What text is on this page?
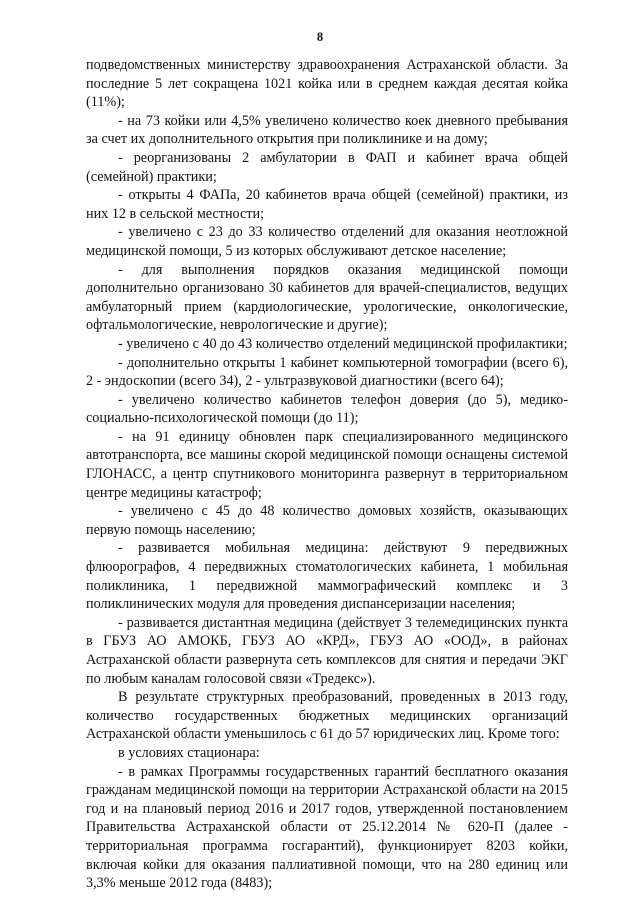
8

подведомственных министерству здравоохранения Астраханской области. За последние 5 лет сокращена 1021 койка или в среднем каждая десятая койка (11%);

- на 73 койки или 4,5% увеличено количество коек дневного пребывания за счет их дополнительного открытия при поликлинике и на дому;

- реорганизованы 2 амбулатории в ФАП и кабинет врача общей (семейной) практики;

- открыты 4 ФАПа, 20 кабинетов врача общей (семейной) практики, из них 12 в сельской местности;

- увеличено с 23 до 33 количество отделений для оказания неотложной медицинской помощи, 5 из которых обслуживают детское население;

- для выполнения порядков оказания медицинской помощи дополнительно организовано 30 кабинетов для врачей-специалистов, ведущих амбулаторный прием (кардиологические, урологические, онкологические, офтальмологические, неврологические и другие);

- увеличено с 40 до 43 количество отделений медицинской профилактики;

- дополнительно открыты 1 кабинет компьютерной томографии (всего 6), 2 - эндоскопии (всего 34), 2 - ультразвуковой диагностики (всего 64);

- увеличено количество кабинетов телефон доверия (до 5), медико-социально-психологической помощи (до 11);

- на 91 единицу обновлен парк специализированного медицинского автотранспорта, все машины скорой медицинской помощи оснащены системой ГЛОНАСС, а центр спутникового мониторинга развернут в территориальном центре медицины катастроф;

- увеличено с 45 до 48 количество домовых хозяйств, оказывающих первую помощь населению;

- развивается мобильная медицина: действуют 9 передвижных флюорографов, 4 передвижных стоматологических кабинета, 1 мобильная поликлиника, 1 передвижной маммографический комплекс и 3 поликлинических модуля для проведения диспансеризации населения;

- развивается дистантная медицина (действует 3 телемедицинских пункта в ГБУЗ АО АМОКБ, ГБУЗ АО «КРД», ГБУЗ АО «ООД», в районах Астраханской области развернута сеть комплексов для снятия и передачи ЭКГ по любым каналам голосовой связи «Тредекс»).

В результате структурных преобразований, проведенных в 2013 году, количество государственных бюджетных медицинских организаций Астраханской области уменьшилось с 61 до 57 юридических лиц. Кроме того:

в условиях стационара:

- в рамках Программы государственных гарантий бесплатного оказания гражданам медицинской помощи на территории Астраханской области на 2015 год и на плановый период 2016 и 2017 годов, утвержденной постановлением Правительства Астраханской области от 25.12.2014 № 620-П (далее - территориальная программа госгарантий), функционирует 8203 койки, включая койки для оказания паллиативной помощи, что на 280 единиц или 3,3% меньше 2012 года (8483);
